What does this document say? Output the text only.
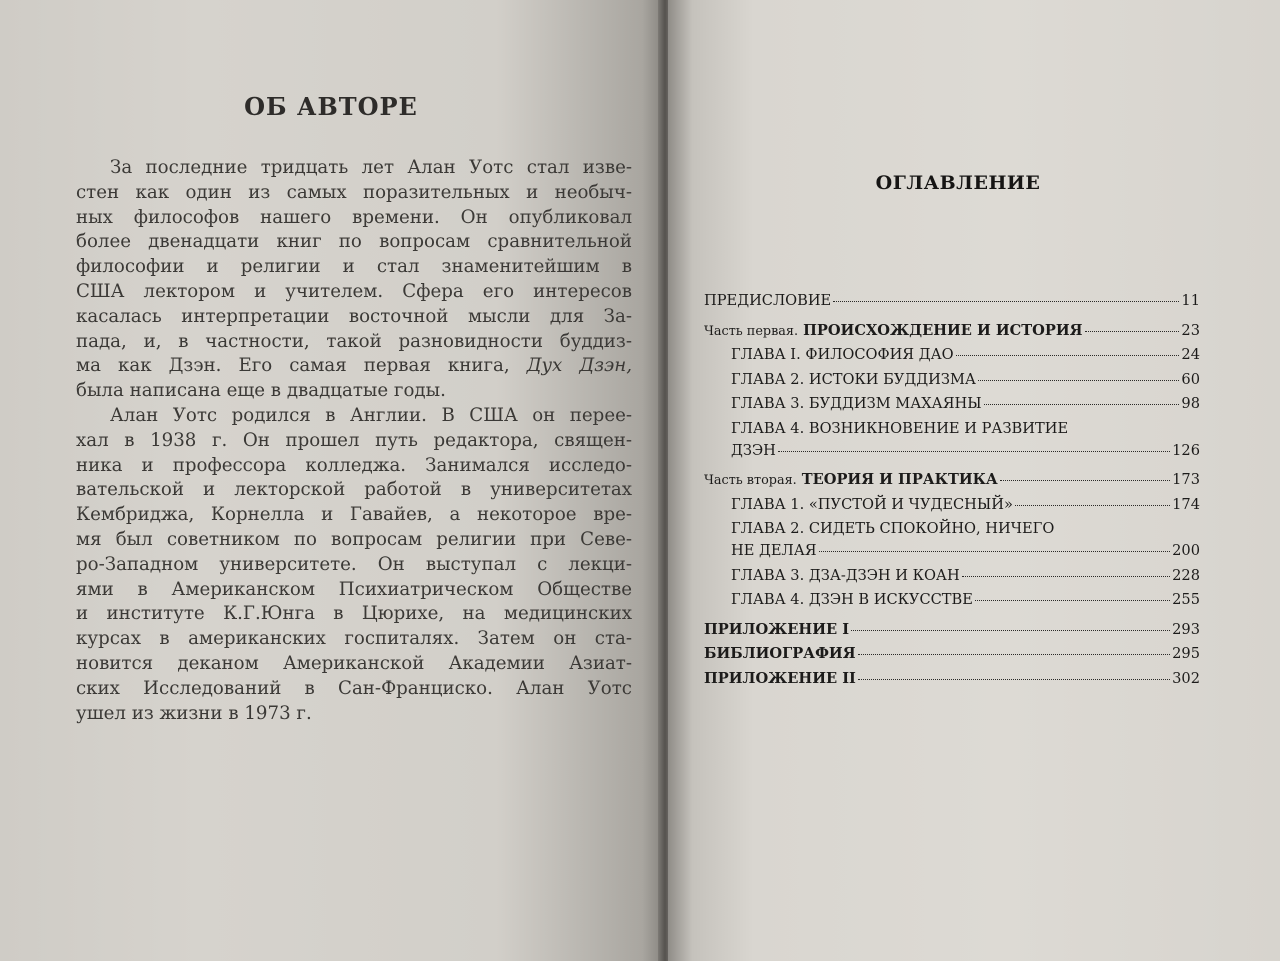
ОБ АВТОРЕ
За последние тридцать лет Алан Уотс стал изве-
стен как один из самых поразительных и необыч-
ных философов нашего времени. Он опубликовал
более двенадцати книг по вопросам сравнительной
философии и религии и стал знаменитейшим в
США лектором и учителем. Сфера его интересов
касалась интерпретации восточной мысли для За-
пада, и, в частности, такой разновидности буддиз-
ма как Дзэн. Его самая первая книга, Дух Дзэн,
была написана еще в двадцатые годы.
Алан Уотс родился в Англии. В США он переe-
хал в 1938 г. Он прошел путь редактора, священ-
ника и профессора колледжа. Занимался исследо-
вательской и лекторской работой в университетах
Кембриджа, Корнелла и Гавайев, а некоторое вре-
мя был советником по вопросам религии при Севе-
ро-Западном университете. Он выступал с лекци-
ями в Американском Психиатрическом Обществе
и институте К.Г.Юнга в Цюрихе, на медицинских
курсах в американских госпиталях. Затем он ста-
новится деканом Американской Академии Азиат-
ских Исследований в Сан-Франциско. Алан Уотс
ушел из жизни в 1973 г.
ОГЛАВЛЕНИЕ
ПРЕДИСЛОВИЕ	11
Часть первая. ПРОИСХОЖДЕНИЕ И ИСТОРИЯ	23
ГЛАВА I. ФИЛОСОФИЯ ДАО	24
ГЛАВА 2. ИСТОКИ БУДДИЗМА	60
ГЛАВА 3. БУДДИЗМ МАХАЯНЫ	98
ГЛАВА 4. ВОЗНИКНОВЕНИЕ И РАЗВИТИЕ
ДЗЭН	126
Часть вторая. ТЕОРИЯ И ПРАКТИКА	173
ГЛАВА 1. «ПУСТОЙ И ЧУДЕСНЫЙ»	174
ГЛАВА 2. СИДЕТЬ СПОКОЙНО, НИЧЕГО
НЕ ДЕЛАЯ	200
ГЛАВА 3. ДЗА-ДЗЭН И КОАН	228
ГЛАВА 4. ДЗЭН В ИСКУССТВЕ	255
ПРИЛОЖЕНИЕ I	293
БИБЛИОГРАФИЯ	295
ПРИЛОЖЕНИЕ II	302
